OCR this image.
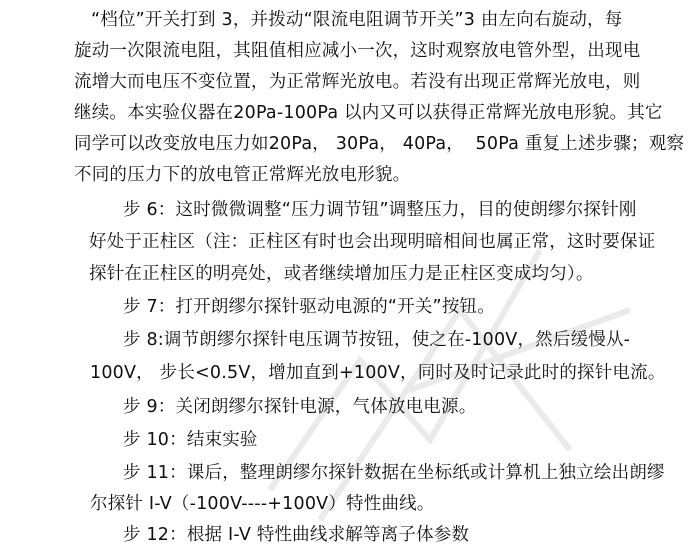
“档位”开关打到 3，并拨动“限流电阻调节开关”3 由左向右旋动，每
旋动一次限流电阻，其阻值相应减小一次，这时观察放电管外型，出现电
流增大而电压不变位置，为正常辉光放电。若没有出现正常辉光放电，则
继续。本实验仪器在20Pa-100Pa 以内又可以获得正常辉光放电形貌。其它
同学可以改变放电压力如20Pa， 30Pa， 40Pa，  50Pa 重复上述步骤；观察
不同的压力下的放电管正常辉光放电形貌。
步 6：这时微微调整“压力调节钮”调整压力，目的使朗缪尔探针刚
好处于正柱区（注：正柱区有时也会出现明暗相间也属正常，这时要保证
探针在正柱区的明亮处，或者继续增加压力是正柱区变成均匀）。
步 7：打开朗缪尔探针驱动电源的“开关”按钮。
步 8:调节朗缪尔探针电压调节按钮，使之在-100V，然后缓慢从-
100V， 步长<0.5V，增加直到+100V，同时及时记录此时的探针电流。
步 9：关闭朗缪尔探针电源，气体放电电源。
步 10：结束实验
步 11：课后，整理朗缪尔探针数据在坐标纸或计算机上独立绘出朗缪
尔探针 I-V（-100V----+100V）特性曲线。
步 12：根据 I-V 特性曲线求解等离子体参数
